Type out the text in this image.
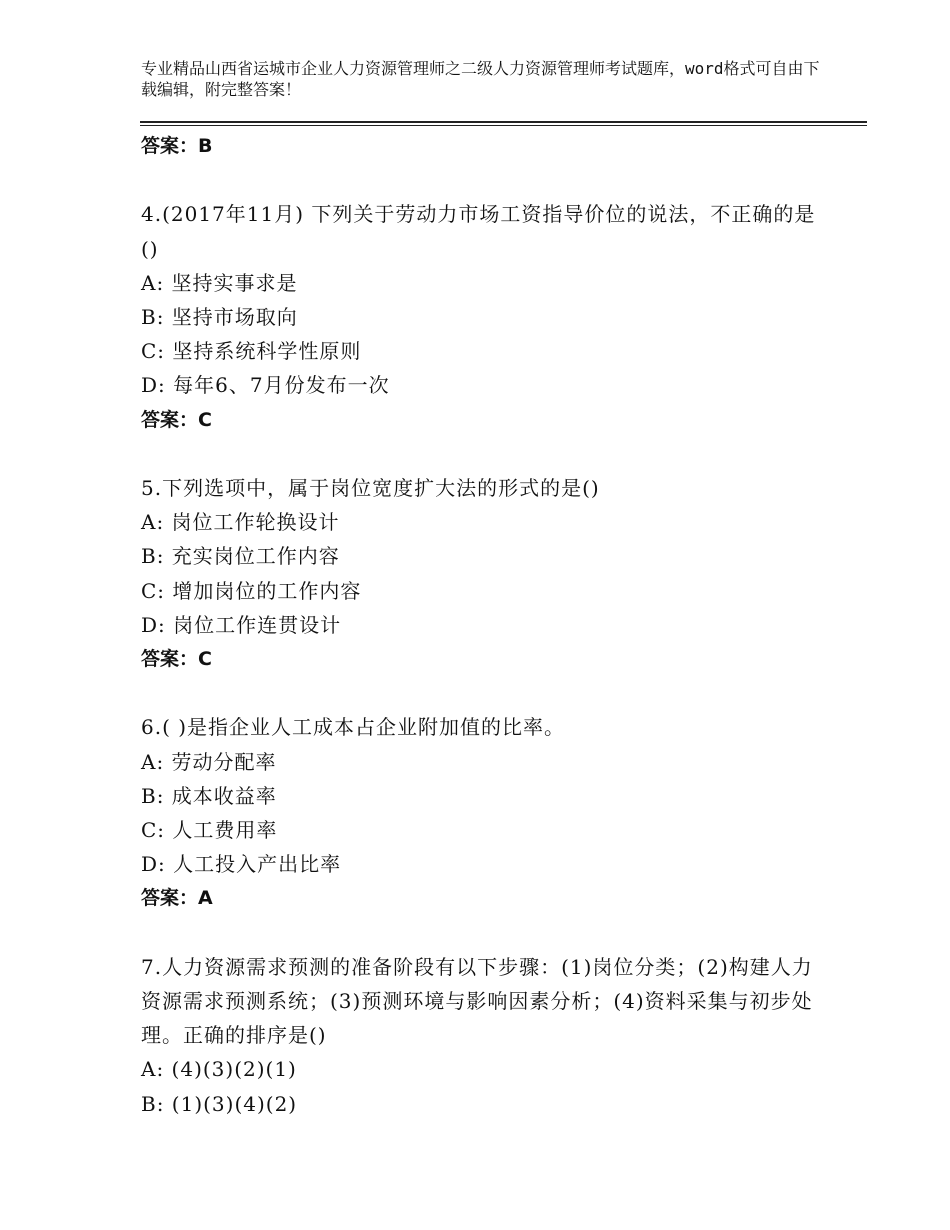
专业精品山西省运城市企业人力资源管理师之二级人力资源管理师考试题库，word格式可自由下载编辑，附完整答案！
答案：B
4.(2017年11月) 下列关于劳动力市场工资指导价位的说法，不正确的是()
A: 坚持实事求是
B: 坚持市场取向
C: 坚持系统科学性原则
D: 每年6、7月份发布一次
答案：C
5.下列选项中，属于岗位宽度扩大法的形式的是()
A: 岗位工作轮换设计
B: 充实岗位工作内容
C: 增加岗位的工作内容
D: 岗位工作连贯设计
答案：C
6.( )是指企业人工成本占企业附加值的比率。
A: 劳动分配率
B: 成本收益率
C: 人工费用率
D: 人工投入产出比率
答案：A
7.人力资源需求预测的准备阶段有以下步骤：(1)岗位分类；(2)构建人力资源需求预测系统；(3)预测环境与影响因素分析；(4)资料采集与初步处理。正确的排序是()
A: (4)(3)(2)(1)
B: (1)(3)(4)(2)
